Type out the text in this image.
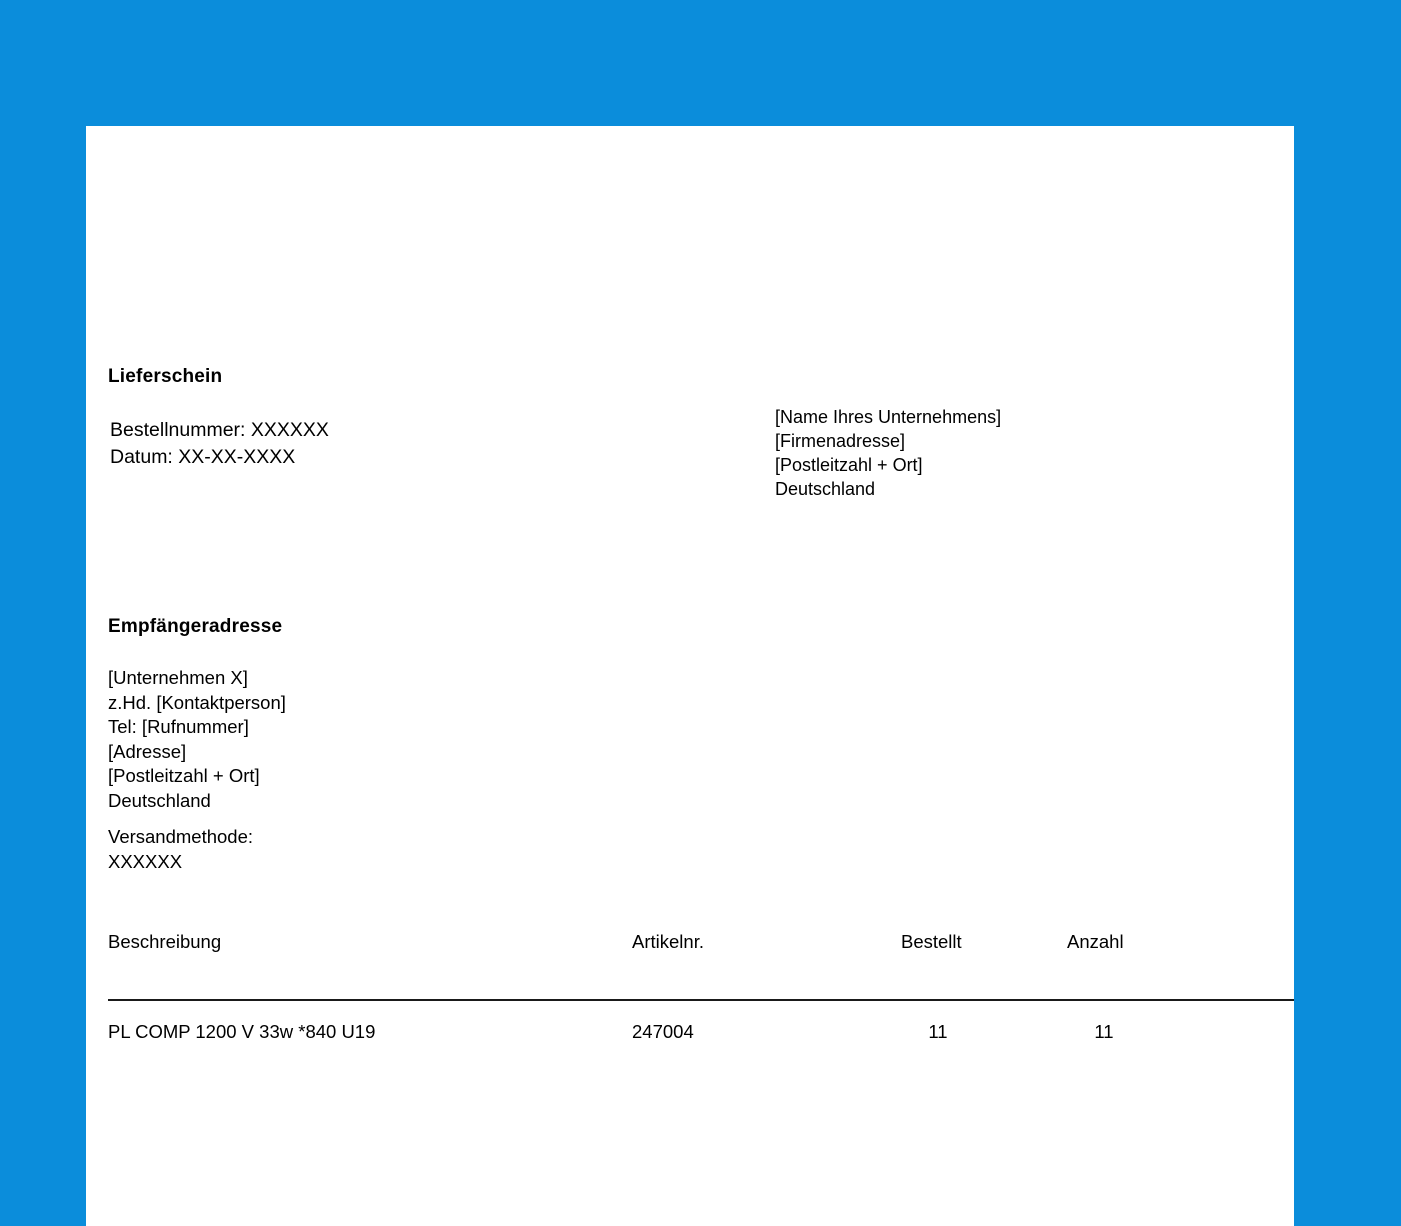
Lieferschein
Bestellnummer: XXXXXX
Datum: XX-XX-XXXX
[Name Ihres Unternehmens]
[Firmenadresse]
[Postleitzahl + Ort]
Deutschland
Empfängeradresse
[Unternehmen X]
z.Hd. [Kontaktperson]
Tel: [Rufnummer]
[Adresse]
[Postleitzahl + Ort]
Deutschland
Versandmethode:
XXXXXX
Beschreibung	Artikelnr.	Bestellt	Anzahl
PL COMP 1200 V 33w *840 U19	247004	11	11
